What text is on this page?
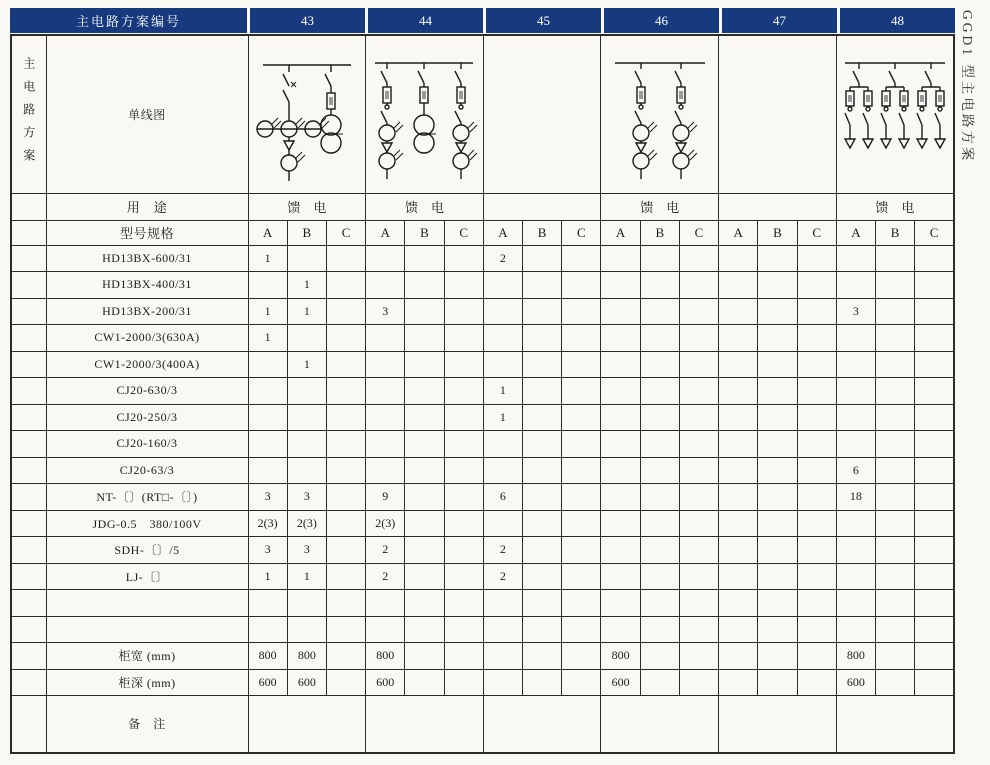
主电路方案编号	43	44	45	46	47	48
主电路方案	单线图	

	用　途	馈　电			馈　电						馈　电						馈　电		
	型号规格	A	B	C	A	B	C	A	B	C	A	B	C	A	B	C	A	B	C
	HD13BX-600/31	1						2											
	HD13BX-400/31		1																
	HD13BX-200/31	1	1		3												3		
	CW1-2000/3(630A)	1																	
	CW1-2000/3(400A)		1																
	CJ20-630/3							1											
	CJ20-250/3							1											
	CJ20-160/3																		
	CJ20-63/3																6		
	NT-〔〕(RT□-〔〕)	3	3		9			6									18		
	JDG-0.5　380/100V	2(3)	2(3)		2(3)														
	SDH-〔〕/5	3	3		2			2											
	LJ-〔〕	1	1		2			2											

	柜宽 (mm)	800	800		800						800						800		
	柜深 (mm)	600	600		600						600						600		
	备　注																		
GGD1 型主电路方案
